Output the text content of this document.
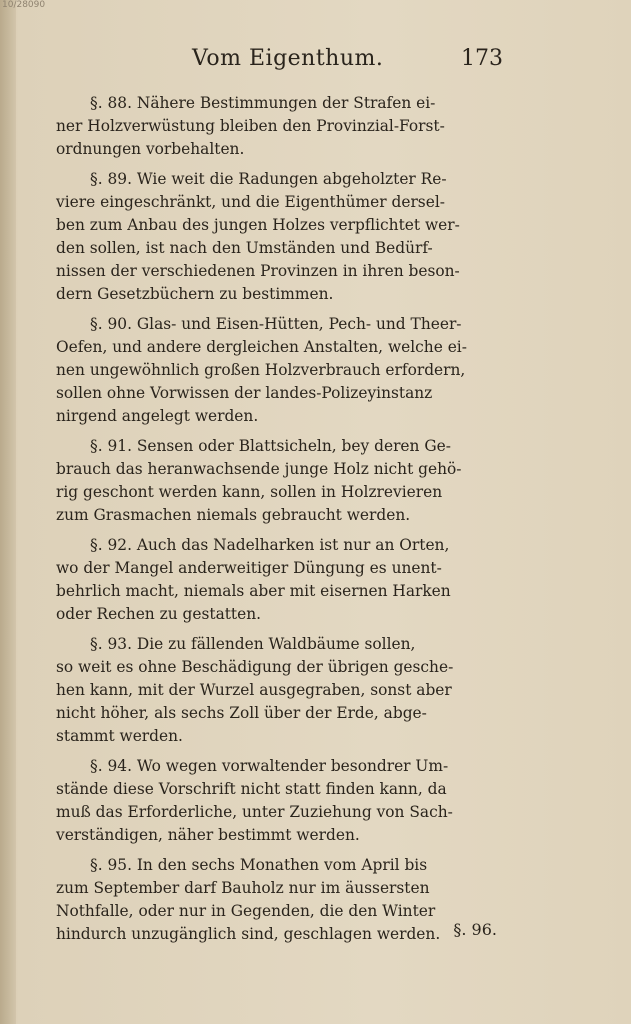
10/28090
Vom Eigenthum.	173

§. 88. Nähere Bestimmungen der Strafen ei-
ner Holzverwüstung bleiben den Provinzial-Forst-
ordnungen vorbehalten.

§. 89. Wie weit die Radungen abgeholzter Re-
viere eingeschränkt, und die Eigenthümer dersel-
ben zum Anbau des jungen Holzes verpflichtet wer-
den sollen, ist nach den Umständen und Bedürf-
nissen der verschiedenen Provinzen in ihren beson-
dern Gesetzbüchern zu bestimmen.

§. 90. Glas- und Eisen-Hütten, Pech- und Theer-
Oefen, und andere dergleichen Anstalten, welche ei-
nen ungewöhnlich großen Holzverbrauch erfordern,
sollen ohne Vorwissen der landes-Polizeyinstanz
nirgend angelegt werden.

§. 91. Sensen oder Blattsicheln, bey deren Ge-
brauch das heranwachsende junge Holz nicht gehö-
rig geschont werden kann, sollen in Holzrevieren
zum Grasmachen niemals gebraucht werden.

§. 92. Auch das Nadelharken ist nur an Orten,
wo der Mangel anderweitiger Düngung es unent-
behrlich macht, niemals aber mit eisernen Harken
oder Rechen zu gestatten.

§. 93. Die zu fällenden Waldbäume sollen,
so weit es ohne Beschädigung der übrigen gesche-
hen kann, mit der Wurzel ausgegraben, sonst aber
nicht höher, als sechs Zoll über der Erde, abge-
stammt werden.

§. 94. Wo wegen vorwaltender besondrer Um-
stände diese Vorschrift nicht statt finden kann, da
muß das Erforderliche, unter Zuziehung von Sach-
verständigen, näher bestimmt werden.

§. 95. In den sechs Monathen vom April bis
zum September darf Bauholz nur im äussersten
Nothfalle, oder nur in Gegenden, die den Winter
hindurch unzugänglich sind, geschlagen werden. §. 96.
